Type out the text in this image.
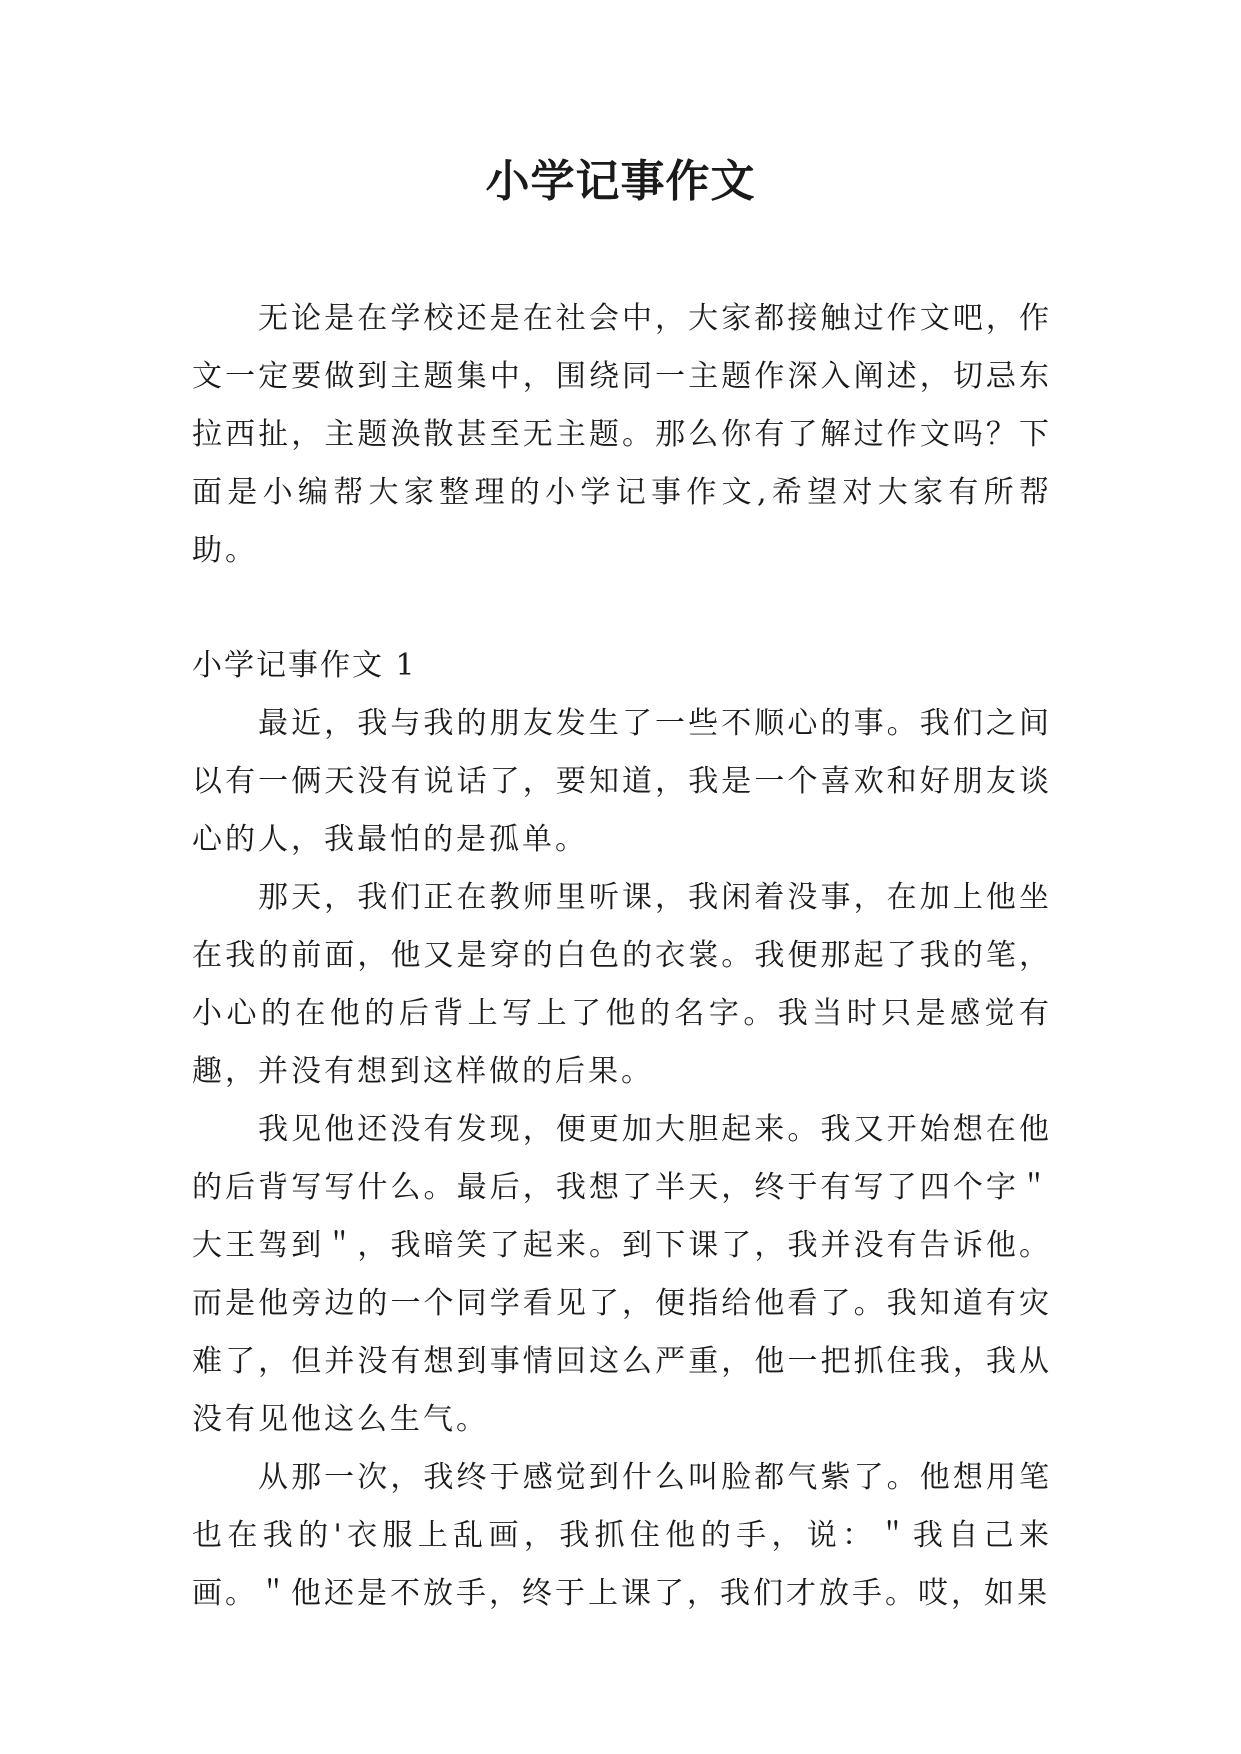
小学记事作文

无论是在学校还是在社会中，大家都接触过作文吧，作文一定要做到主题集中，围绕同一主题作深入阐述，切忌东拉西扯，主题涣散甚至无主题。那么你有了解过作文吗？下面是小编帮大家整理的小学记事作文,希望对大家有所帮助。

小学记事作文 1

最近，我与我的朋友发生了一些不顺心的事。我们之间以有一俩天没有说话了，要知道，我是一个喜欢和好朋友谈心的人，我最怕的是孤单。

那天，我们正在教师里听课，我闲着没事，在加上他坐在我的前面，他又是穿的白色的衣裳。我便那起了我的笔，小心的在他的后背上写上了他的名字。我当时只是感觉有趣，并没有想到这样做的后果。

我见他还没有发现，便更加大胆起来。我又开始想在他的后背写写什么。最后，我想了半天，终于有写了四个字＂大王驾到＂，我暗笑了起来。到下课了，我并没有告诉他。而是他旁边的一个同学看见了，便指给他看了。我知道有灾难了，但并没有想到事情回这么严重，他一把抓住我，我从没有见他这么生气。

从那一次，我终于感觉到什么叫脸都气紫了。他想用笔也在我的'衣服上乱画，我抓住他的手，说：＂我自己来画。＂他还是不放手，终于上课了，我们才放手。哎，如果
